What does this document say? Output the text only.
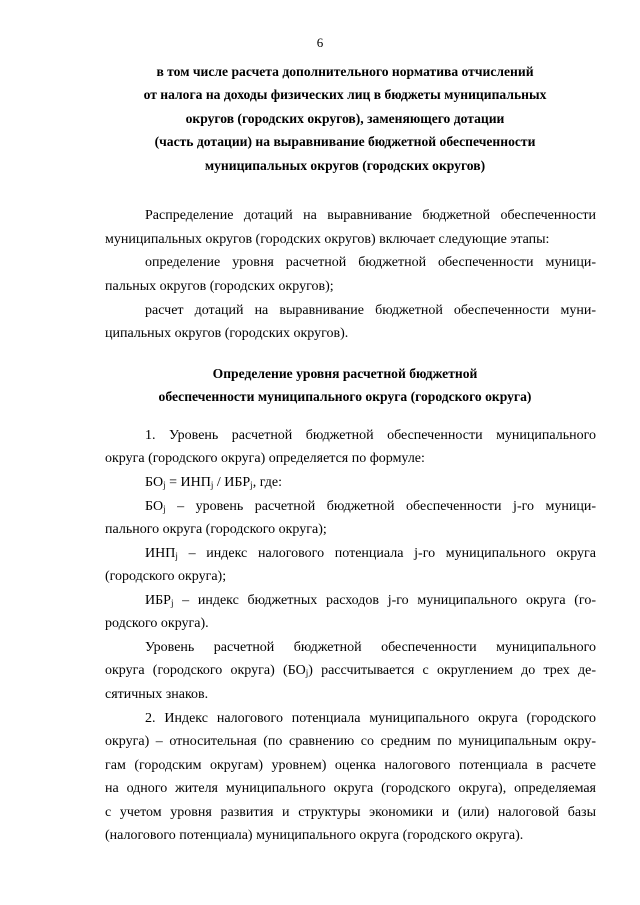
6
в том числе расчета дополнительного норматива отчислений
от налога на доходы физических лиц в бюджеты муниципальных
округов (городских округов), заменяющего дотации
(часть дотации) на выравнивание бюджетной обеспеченности
муниципальных округов (городских округов)
Распределение дотаций на выравнивание бюджетной обеспеченности
муниципальных округов (городских округов) включает следующие этапы:
определение уровня расчетной бюджетной обеспеченности муници-
пальных округов (городских округов);
расчет дотаций на выравнивание бюджетной обеспеченности муни-
ципальных округов (городских округов).
Определение уровня расчетной бюджетной
обеспеченности муниципального округа (городского округа)
1. Уровень расчетной бюджетной обеспеченности муниципального
округа (городского округа) определяется по формуле:
$БО_j = ИНП_j / ИБР_j$, где:
$БО_j$ – уровень расчетной бюджетной обеспеченности j-го муници-
пального округа (городского округа);
$ИНП_j$ – индекс налогового потенциала j-го муниципального округа
(городского округа);
$ИБР_j$ – индекс бюджетных расходов j-го муниципального округа (го-
родского округа).
Уровень расчетной бюджетной обеспеченности муниципального
округа (городского округа) $(БО_j)$ рассчитывается с округлением до трех де-
сятичных знаков.
2. Индекс налогового потенциала муниципального округа (городского
округа) – относительная (по сравнению со средним по муниципальным окру-
гам (городским округам) уровнем) оценка налогового потенциала в расчете
на одного жителя муниципального округа (городского округа), определяемая
с учетом уровня развития и структуры экономики и (или) налоговой базы
(налогового потенциала) муниципального округа (городского округа).
